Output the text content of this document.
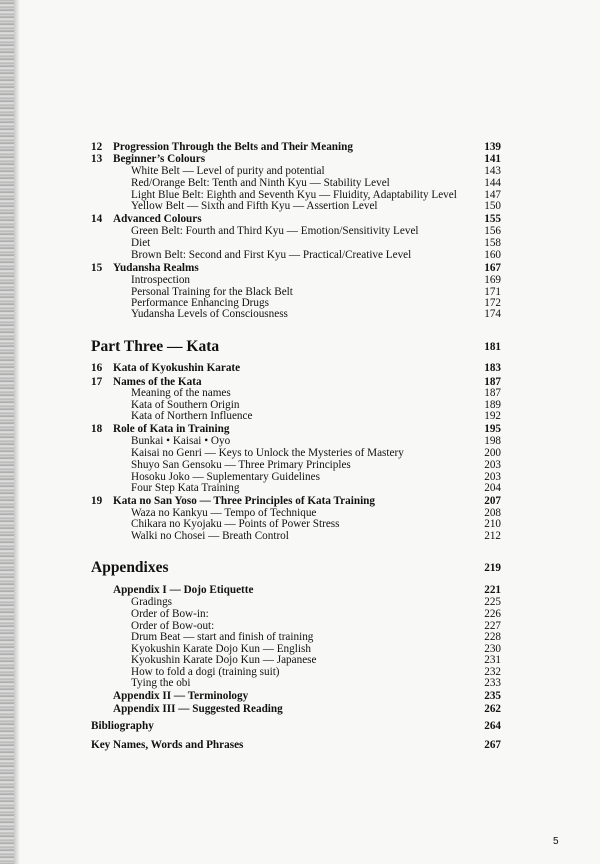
12 Progression Through the Belts and Their Meaning	139
13 Beginner’s Colours	141
White Belt — Level of purity and potential	143
Red/Orange Belt: Tenth and Ninth Kyu — Stability Level	144
Light Blue Belt: Eighth and Seventh Kyu — Fluidity, Adaptability Level 147
Yellow Belt — Sixth and Fifth Kyu — Assertion Level	150
14 Advanced Colours	155
Green Belt: Fourth and Third Kyu — Emotion/Sensitivity Level	156
Diet	158
Brown Belt: Second and First Kyu — Practical/Creative Level	160
15 Yudansha Realms	167
Introspection	169
Personal Training for the Black Belt	171
Performance Enhancing Drugs	172
Yudansha Levels of Consciousness	174
Part Three — Kata	181
16 Kata of Kyokushin Karate	183
17 Names of the Kata	187
Meaning of the names	187
Kata of Southern Origin	189
Kata of Northern Influence	192
18 Role of Kata in Training	195
Bunkai • Kaisai • Oyo	198
Kaisai no Genri — Keys to Unlock the Mysteries of Mastery	200
Shuyo San Gensoku — Three Primary Principles	203
Hosoku Joko — Suplementary Guidelines	203
Four Step Kata Training	204
19 Kata no San Yoso — Three Principles of Kata Training	207
Waza no Kankyu — Tempo of Technique	208
Chikara no Kyojaku — Points of Power Stress	210
Walki no Chosei — Breath Control	212
Appendixes	219
Appendix I — Dojo Etiquette	221
Gradings	225
Order of Bow-in:	226
Order of Bow-out:	227
Drum Beat — start and finish of training	228
Kyokushin Karate Dojo Kun — English	230
Kyokushin Karate Dojo Kun — Japanese	231
How to fold a dogi (training suit)	232
Tying the obi	233
Appendix II — Terminology	235
Appendix III — Suggested Reading	262
Bibliography	264
Key Names, Words and Phrases	267
5
